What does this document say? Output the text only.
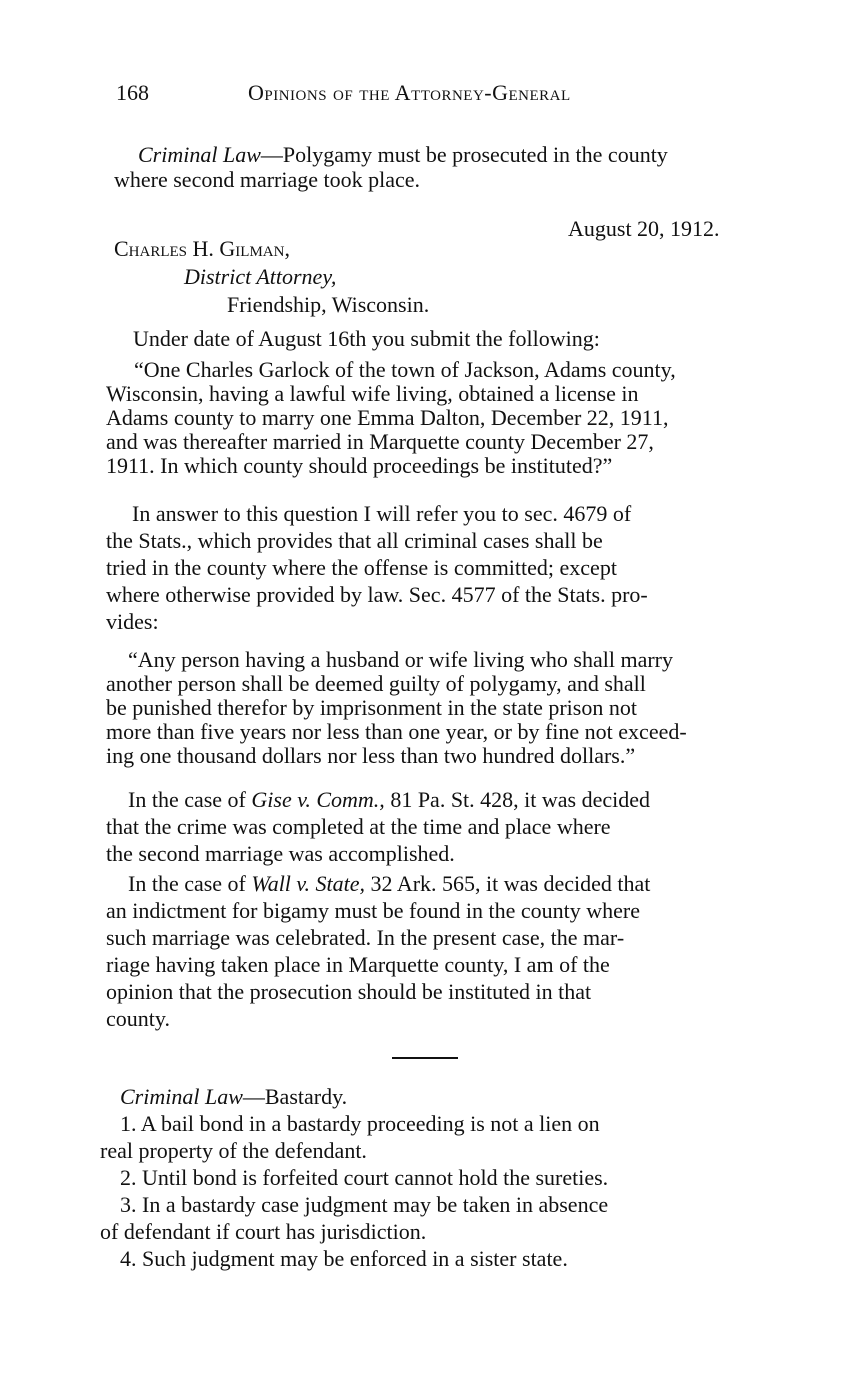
168	Opinions of the Attorney-General
Criminal Law—Polygamy must be prosecuted in the county
where second marriage took place.
August 20, 1912.
Charles H. Gilman,
District Attorney,
Friendship, Wisconsin.
Under date of August 16th you submit the following:
“One Charles Garlock of the town of Jackson, Adams county,
Wisconsin, having a lawful wife living, obtained a license in
Adams county to marry one Emma Dalton, December 22, 1911,
and was thereafter married in Marquette county December 27,
1911. In which county should proceedings be instituted?”
In answer to this question I will refer you to sec. 4679 of
the Stats., which provides that all criminal cases shall be
tried in the county where the offense is committed; except
where otherwise provided by law. Sec. 4577 of the Stats. pro-
vides:
“Any person having a husband or wife living who shall marry
another person shall be deemed guilty of polygamy, and shall
be punished therefor by imprisonment in the state prison not
more than five years nor less than one year, or by fine not exceed-
ing one thousand dollars nor less than two hundred dollars.”
In the case of Gise v. Comm., 81 Pa. St. 428, it was decided
that the crime was completed at the time and place where
the second marriage was accomplished.
In the case of Wall v. State, 32 Ark. 565, it was decided that
an indictment for bigamy must be found in the county where
such marriage was celebrated. In the present case, the mar-
riage having taken place in Marquette county, I am of the
opinion that the prosecution should be instituted in that
county.
Criminal Law—Bastardy.
1. A bail bond in a bastardy proceeding is not a lien on
real property of the defendant.
2. Until bond is forfeited court cannot hold the sureties.
3. In a bastardy case judgment may be taken in absence
of defendant if court has jurisdiction.
4. Such judgment may be enforced in a sister state.
